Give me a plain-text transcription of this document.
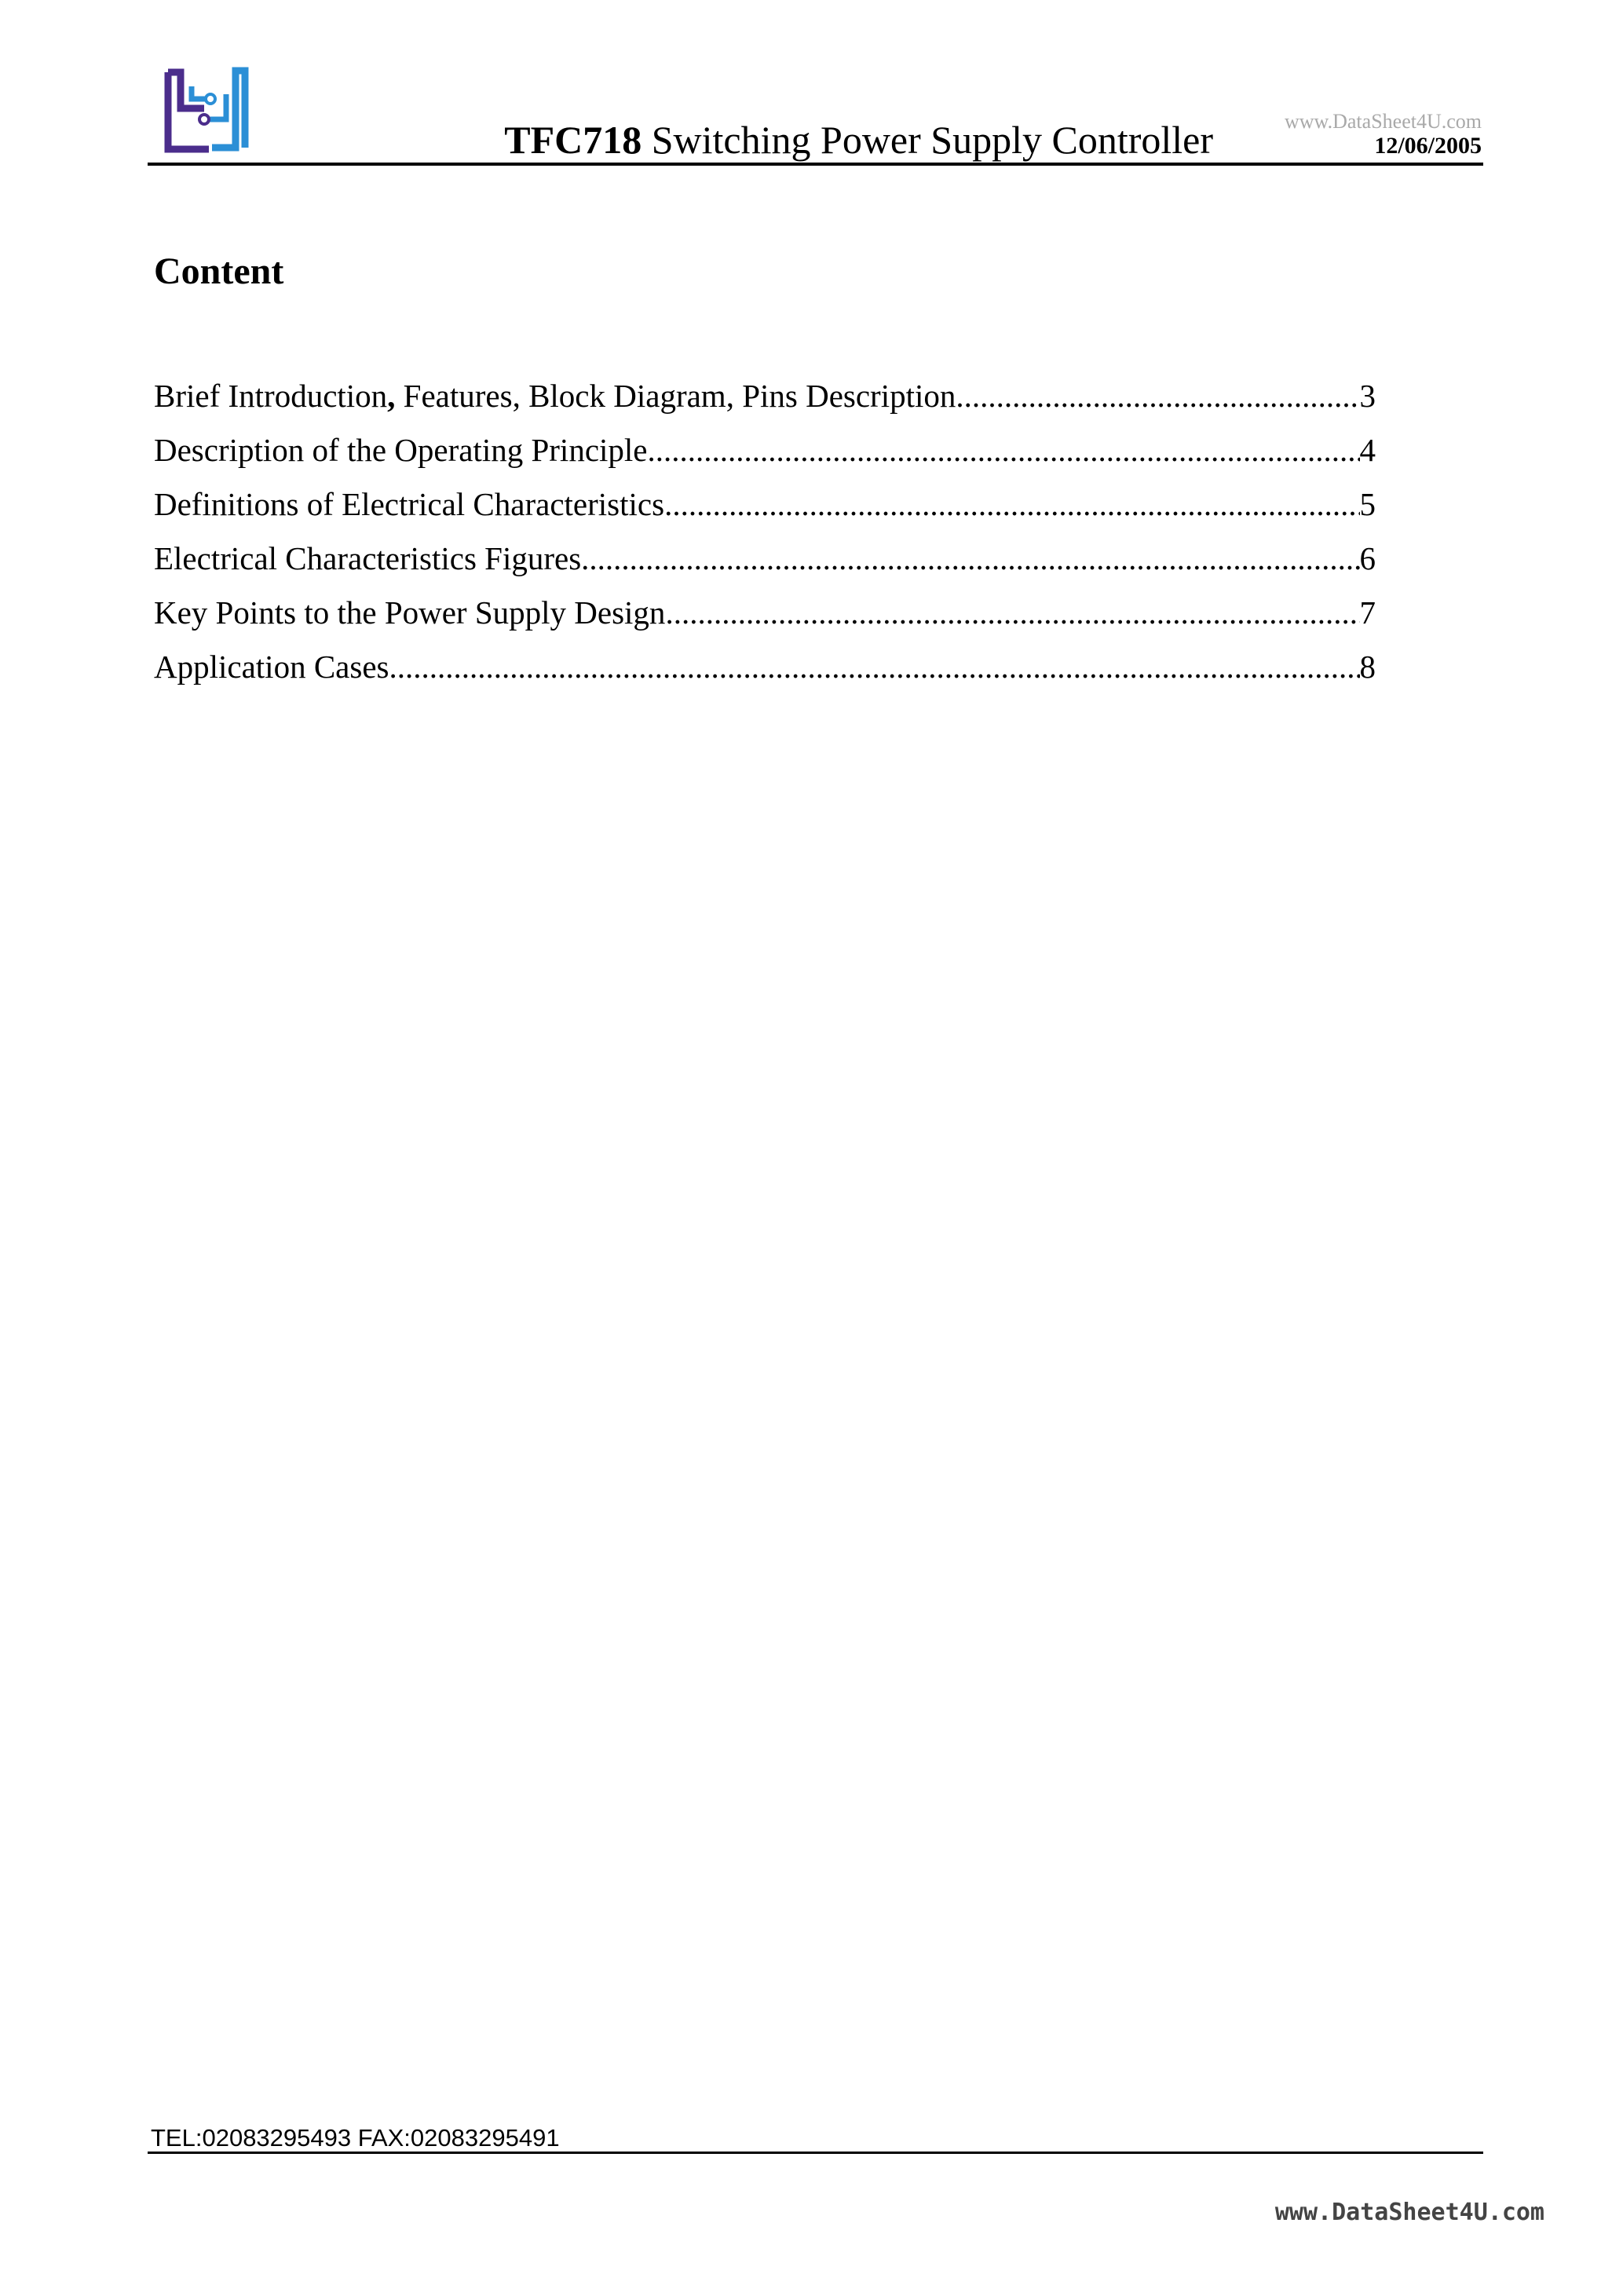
TFC718 Switching Power Supply Controller	www.DataSheet4U.com
12/06/2005
Content
Brief Introduction, Features, Block Diagram, Pins Description .....	3
Description of the Operating Principle .....	4
Definitions of Electrical Characteristics .....	5
Electrical Characteristics Figures .....	6
Key Points to the Power Supply Design .....	7
Application Cases .....	8
TEL:02083295493 FAX:02083295491
www.DataSheet4U.com
